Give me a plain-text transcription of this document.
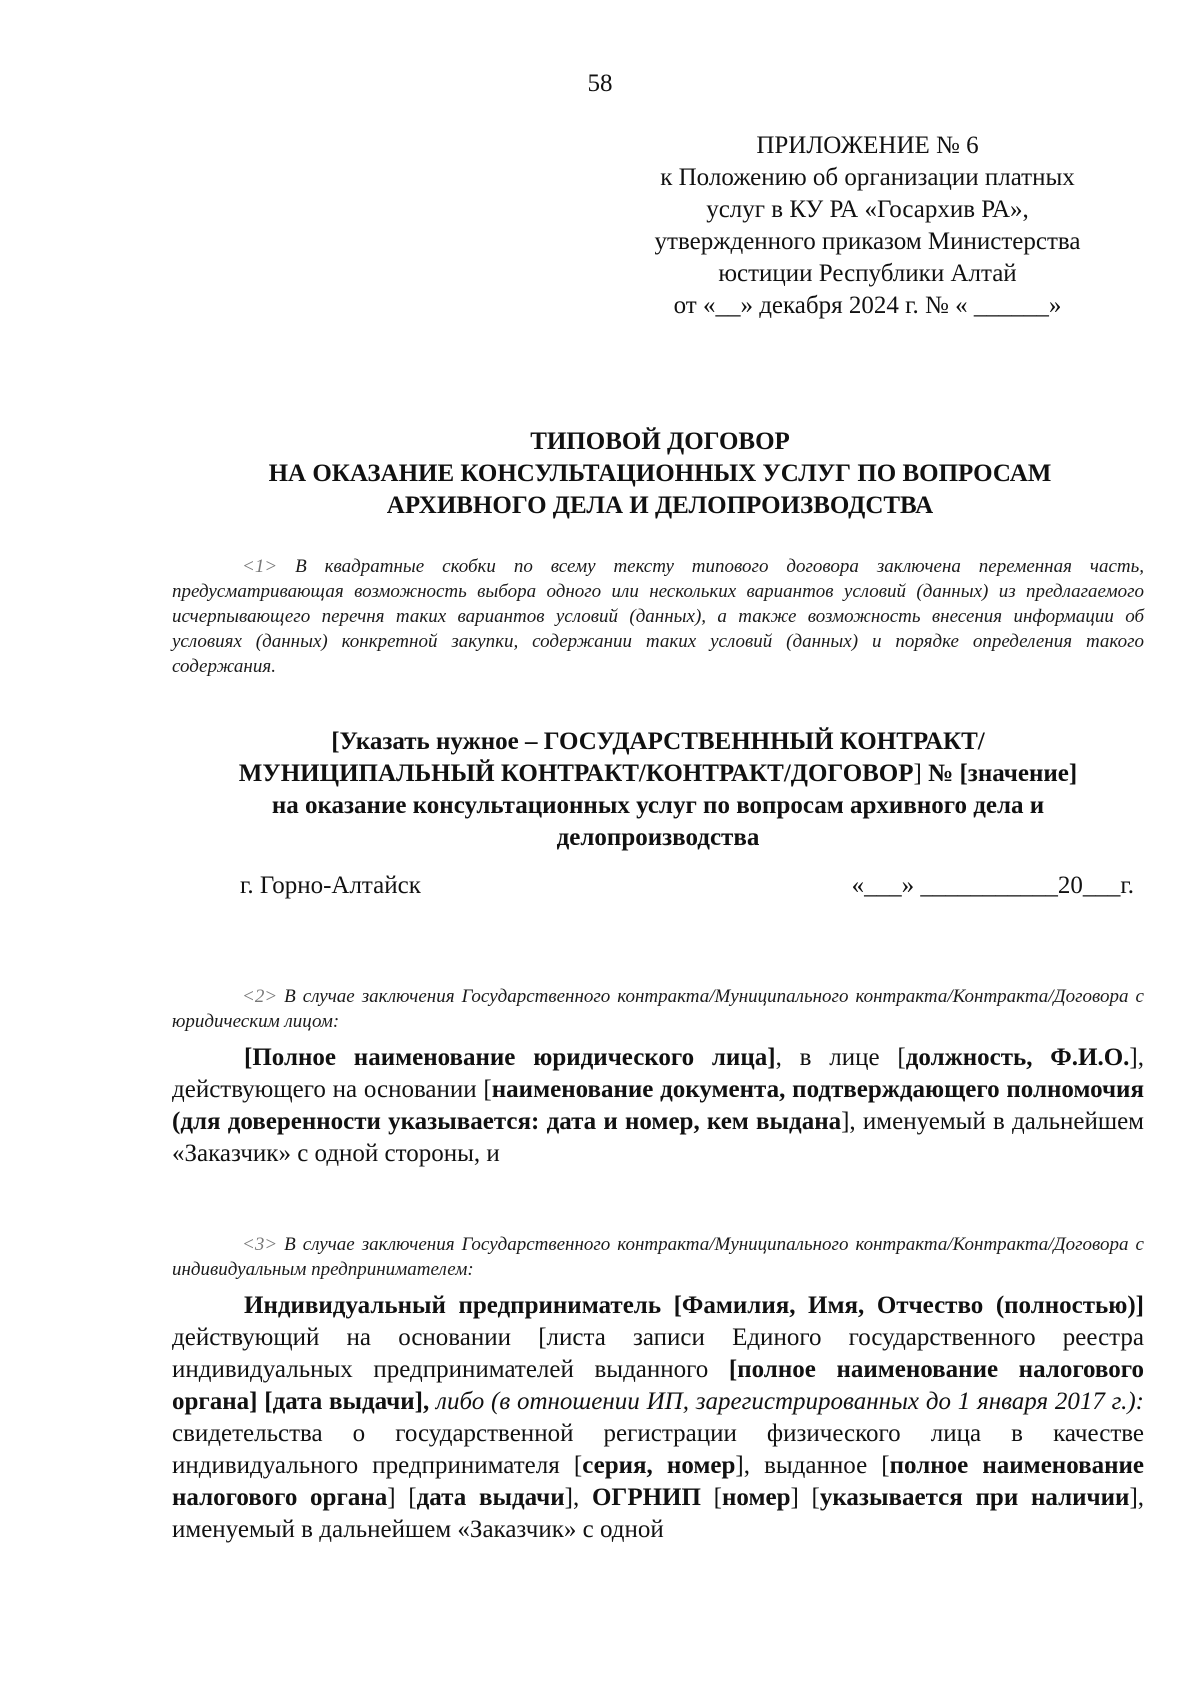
58
ПРИЛОЖЕНИЕ № 6
к Положению об организации платных
услуг в КУ РА «Госархив РА»,
утвержденного приказом Министерства
юстиции Республики Алтай
от «__» декабря 2024 г. № « ______»
ТИПОВОЙ ДОГОВОР
НА ОКАЗАНИЕ КОНСУЛЬТАЦИОННЫХ УСЛУГ ПО ВОПРОСАМ
АРХИВНОГО ДЕЛА И ДЕЛОПРОИЗВОДСТВА
<1> В квадратные скобки по всему тексту типового договора заключена переменная часть, предусматривающая возможность выбора одного или нескольких вариантов условий (данных) из предлагаемого исчерпывающего перечня таких вариантов условий (данных), а также возможность внесения информации об условиях (данных) конкретной закупки, содержании таких условий (данных) и порядке определения такого содержания.
[Указать нужное – ГОСУДАРСТВЕНННЫЙ КОНТРАКТ/
МУНИЦИПАЛЬНЫЙ КОНТРАКТ/КОНТРАКТ/ДОГОВОР] № [значение]
на оказание консультационных услуг по вопросам архивного дела и
делопроизводства
г. Горно-Алтайск	«___» ___________20___г.
<2> В случае заключения Государственного контракта/Муниципального контракта/Контракта/Договора с юридическим лицом:
[Полное наименование юридического лица], в лице [должность, Ф.И.О.], действующего на основании [наименование документа, подтверждающего полномочия (для доверенности указывается: дата и номер, кем выдана], именуемый в дальнейшем «Заказчик» с одной стороны, и
<3> В случае заключения Государственного контракта/Муниципального контракта/Контракта/Договора с индивидуальным предпринимателем:
Индивидуальный предприниматель [Фамилия, Имя, Отчество (полностью)] действующий на основании [листа записи Единого государственного реестра индивидуальных предпринимателей выданного [полное наименование налогового органа] [дата выдачи], либо (в отношении ИП, зарегистрированных до 1 января 2017 г.): свидетельства о государственной регистрации физического лица в качестве индивидуального предпринимателя [серия, номер], выданное [полное наименование налогового органа] [дата выдачи], ОГРНИП [номер] [указывается при наличии], именуемый в дальнейшем «Заказчик» с одной
